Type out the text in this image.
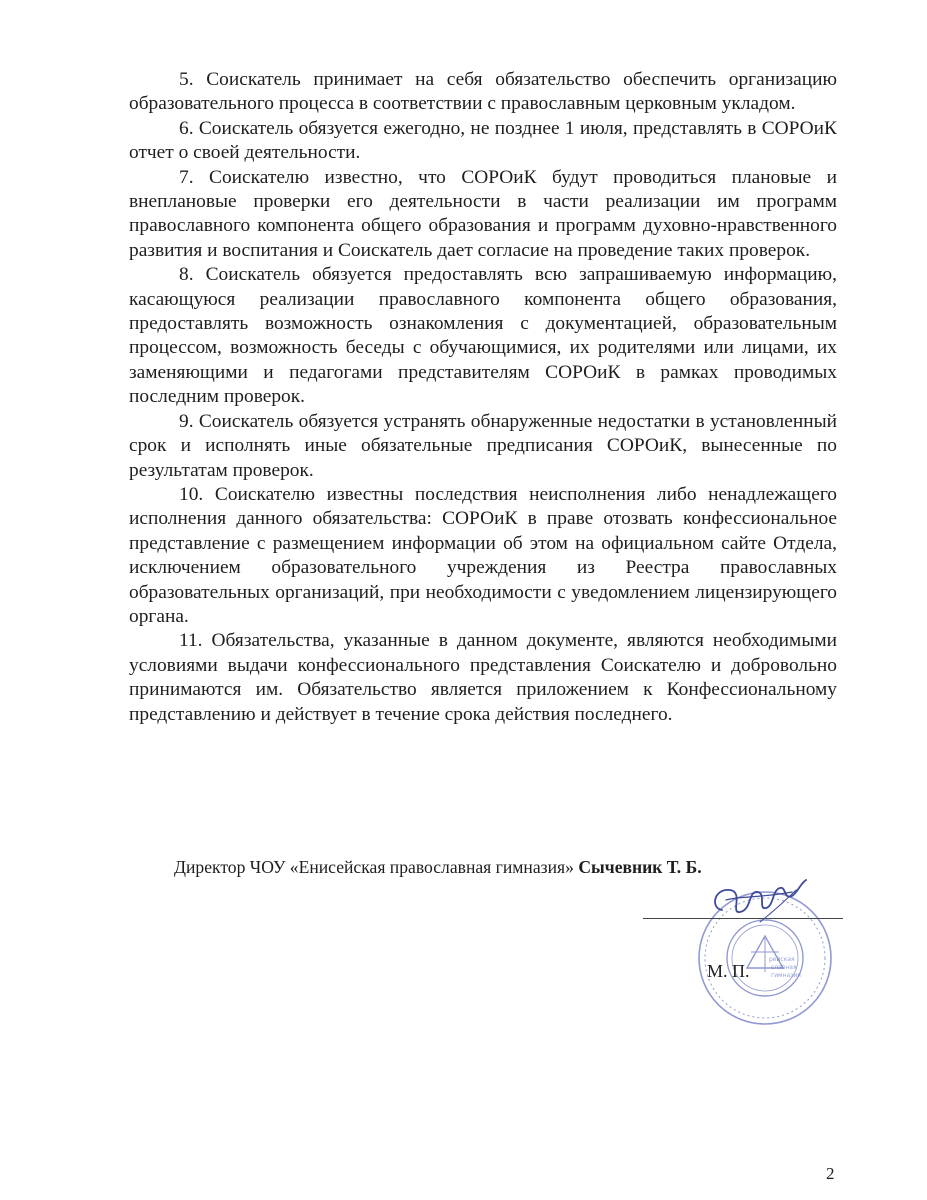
5. Соискатель принимает на себя обязательство обеспечить организацию образовательного процесса в соответствии с православным церковным укладом.

6. Соискатель обязуется ежегодно, не позднее 1 июля, представлять в СОРОиК отчет о своей деятельности.

7. Соискателю известно, что СОРОиК будут проводиться плановые и внеплановые проверки его деятельности в части реализации им программ православного компонента общего образования и программ духовно-нравственного развития и воспитания и Соискатель дает согласие на проведение таких проверок.

8. Соискатель обязуется предоставлять всю запрашиваемую информацию, касающуюся реализации православного компонента общего образования, предоставлять возможность ознакомления с документацией, образовательным процессом, возможность беседы с обучающимися, их родителями или лицами, их заменяющими и педагогами представителям СОРОиК в рамках проводимых последним проверок.

9. Соискатель обязуется устранять обнаруженные недостатки в установленный срок и исполнять иные обязательные предписания СОРОиК, вынесенные по результатам проверок.

10. Соискателю известны последствия неисполнения либо ненадлежащего исполнения данного обязательства: СОРОиК в праве отозвать конфессиональное представление с размещением информации об этом на официальном сайте Отдела, исключением образовательного учреждения из Реестра православных образовательных организаций, при необходимости с уведомлением лицензирующего органа.

11. Обязательства, указанные в данном документе, являются необходимыми условиями выдачи конфессионального представления Соискателю и добровольно принимаются им. Обязательство является приложением к Конфессиональному представлению и действует в течение срока действия последнего.

Директор ЧОУ «Енисейская православная гимназия» Сычевник Т. Б.
рейская
славная
гимназия
М. П.
2
